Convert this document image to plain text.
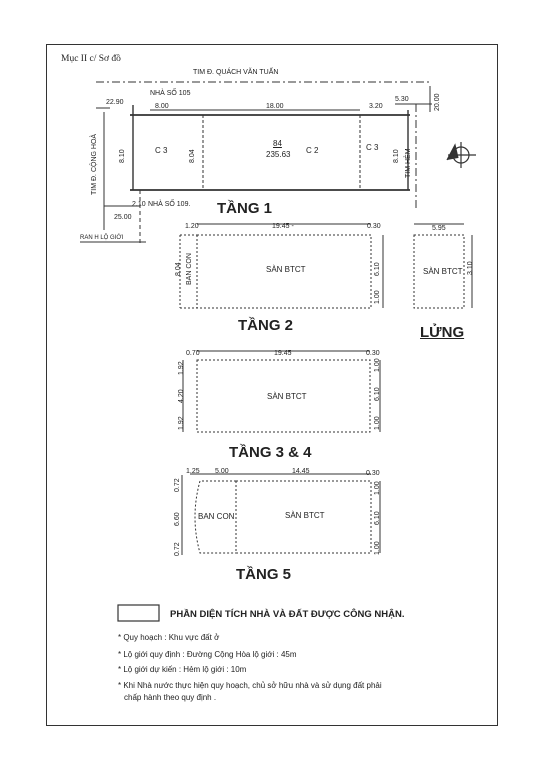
Mục II c/ Sơ đồ
TIM Đ. QUÁCH VĂN TUẤN
NHÀ SỐ 105
22.90
8.00	18.00	3.20
5.30	20.00
TIM Đ. CỘNG HOÀ	8.10	8.04	8.10 TIM HẺM
C 3	C 2	C 3
84
235.63
2.10 NHÀ SỐ 109.
25.00
RAN H LỘ GIỚI
TẦNG 1
1.20	19.45 -	0.30
8.04 BAN CON	SÀN BTCT	6.10
1.00
5.95
SÀN BTCT 3.10
LỬNG
TẦNG 2
0.70	19.45	0.30
1.92
4.20
1.92
SÀN BTCT
1.00
6.10
1.00
TẦNG 3 & 4
1.25 5.00	14.45	0.30
0.72
6.60
0.72
BAN CON	SÀN BTCT
1.00
6.10
1.00
TẦNG 5
PHẦN DIỆN TÍCH NHÀ VÀ ĐẤT ĐƯỢC CÔNG NHẬN.
* Quy hoạch : Khu vực đất ở
* Lộ giới quy định : Đường Cộng Hòa lộ giới : 45m
* Lộ giới dự kiến : Hẻm lộ giới : 10m
* Khi Nhà nước thực hiện quy hoạch, chủ sở hữu nhà và sử dụng đất phải
chấp hành theo quy định .
